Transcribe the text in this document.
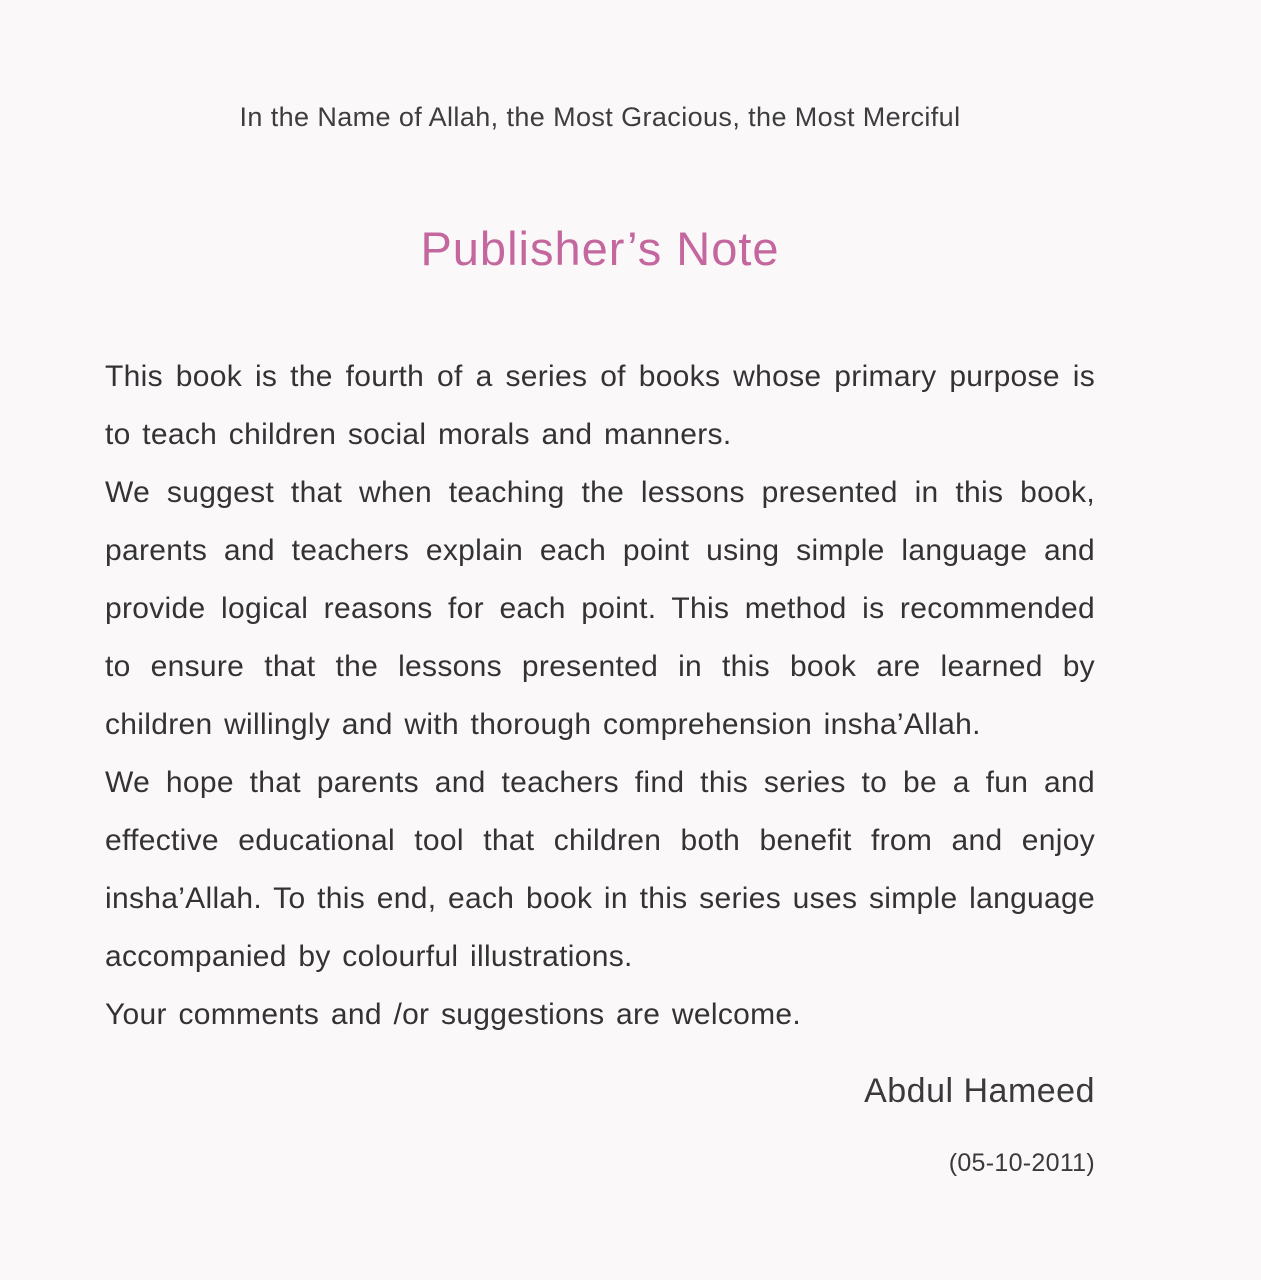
In the Name of Allah, the Most Gracious, the Most Merciful
Publisher’s Note

This book is the fourth of a series of books whose primary purpose is to teach children social morals and manners.

We suggest that when teaching the lessons presented in this book, parents and teachers explain each point using simple language and provide logical reasons for each point. This method is recommended to ensure that the lessons presented in this book are learned by children willingly and with thorough comprehension insha’Allah.

We hope that parents and teachers find this series to be a fun and effective educational tool that children both benefit from and enjoy insha’Allah. To this end, each book in this series uses simple language accompanied by colourful illustrations.

Your comments and /or suggestions are welcome.

Abdul Hameed
(05-10-2011)
